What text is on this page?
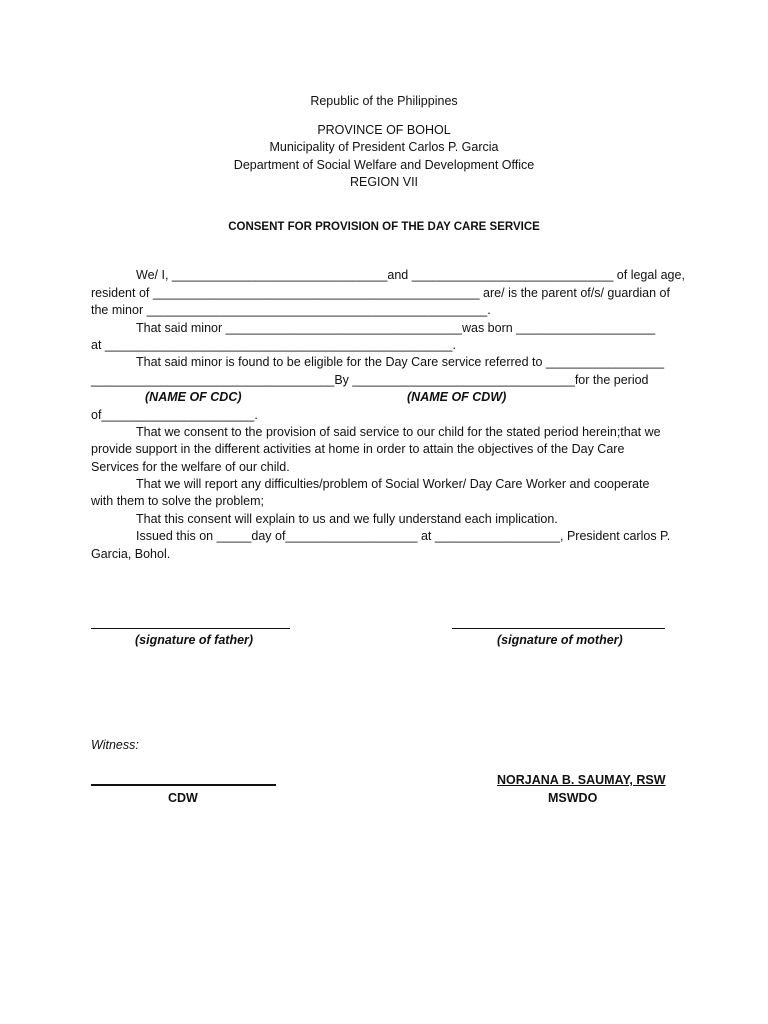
Republic of the Philippines
PROVINCE OF BOHOL
Municipality of President Carlos P. Garcia
Department of Social Welfare and Development Office
REGION VII
CONSENT FOR PROVISION OF THE DAY CARE SERVICE
We/ I, _______________________________and _____________________________ of legal age,
resident of _______________________________________________ are/ is the parent of/s/ guardian of
the minor _________________________________________________.
That said minor __________________________________was born ____________________
at __________________________________________________.
That said minor is found to be eligible for the Day Care service referred to _________________
___________________________________By ________________________________for the period
(NAME OF CDC)	(NAME OF CDW)
of______________________.
That we consent to the provision of said service to our child for the stated period herein;that we
provide support in the different activities at home in order to attain the objectives of the Day Care
Services for the welfare of our child.
That we will report any difficulties/problem of Social Worker/ Day Care Worker and cooperate
with them to solve the problem;
That this consent will explain to us and we fully understand each implication.
Issued this on _____day of___________________ at __________________, President carlos P.
Garcia, Bohol.
(signature of father)	(signature of mother)
Witness:
CDW
NORJANA B. SAUMAY, RSW
MSWDO
